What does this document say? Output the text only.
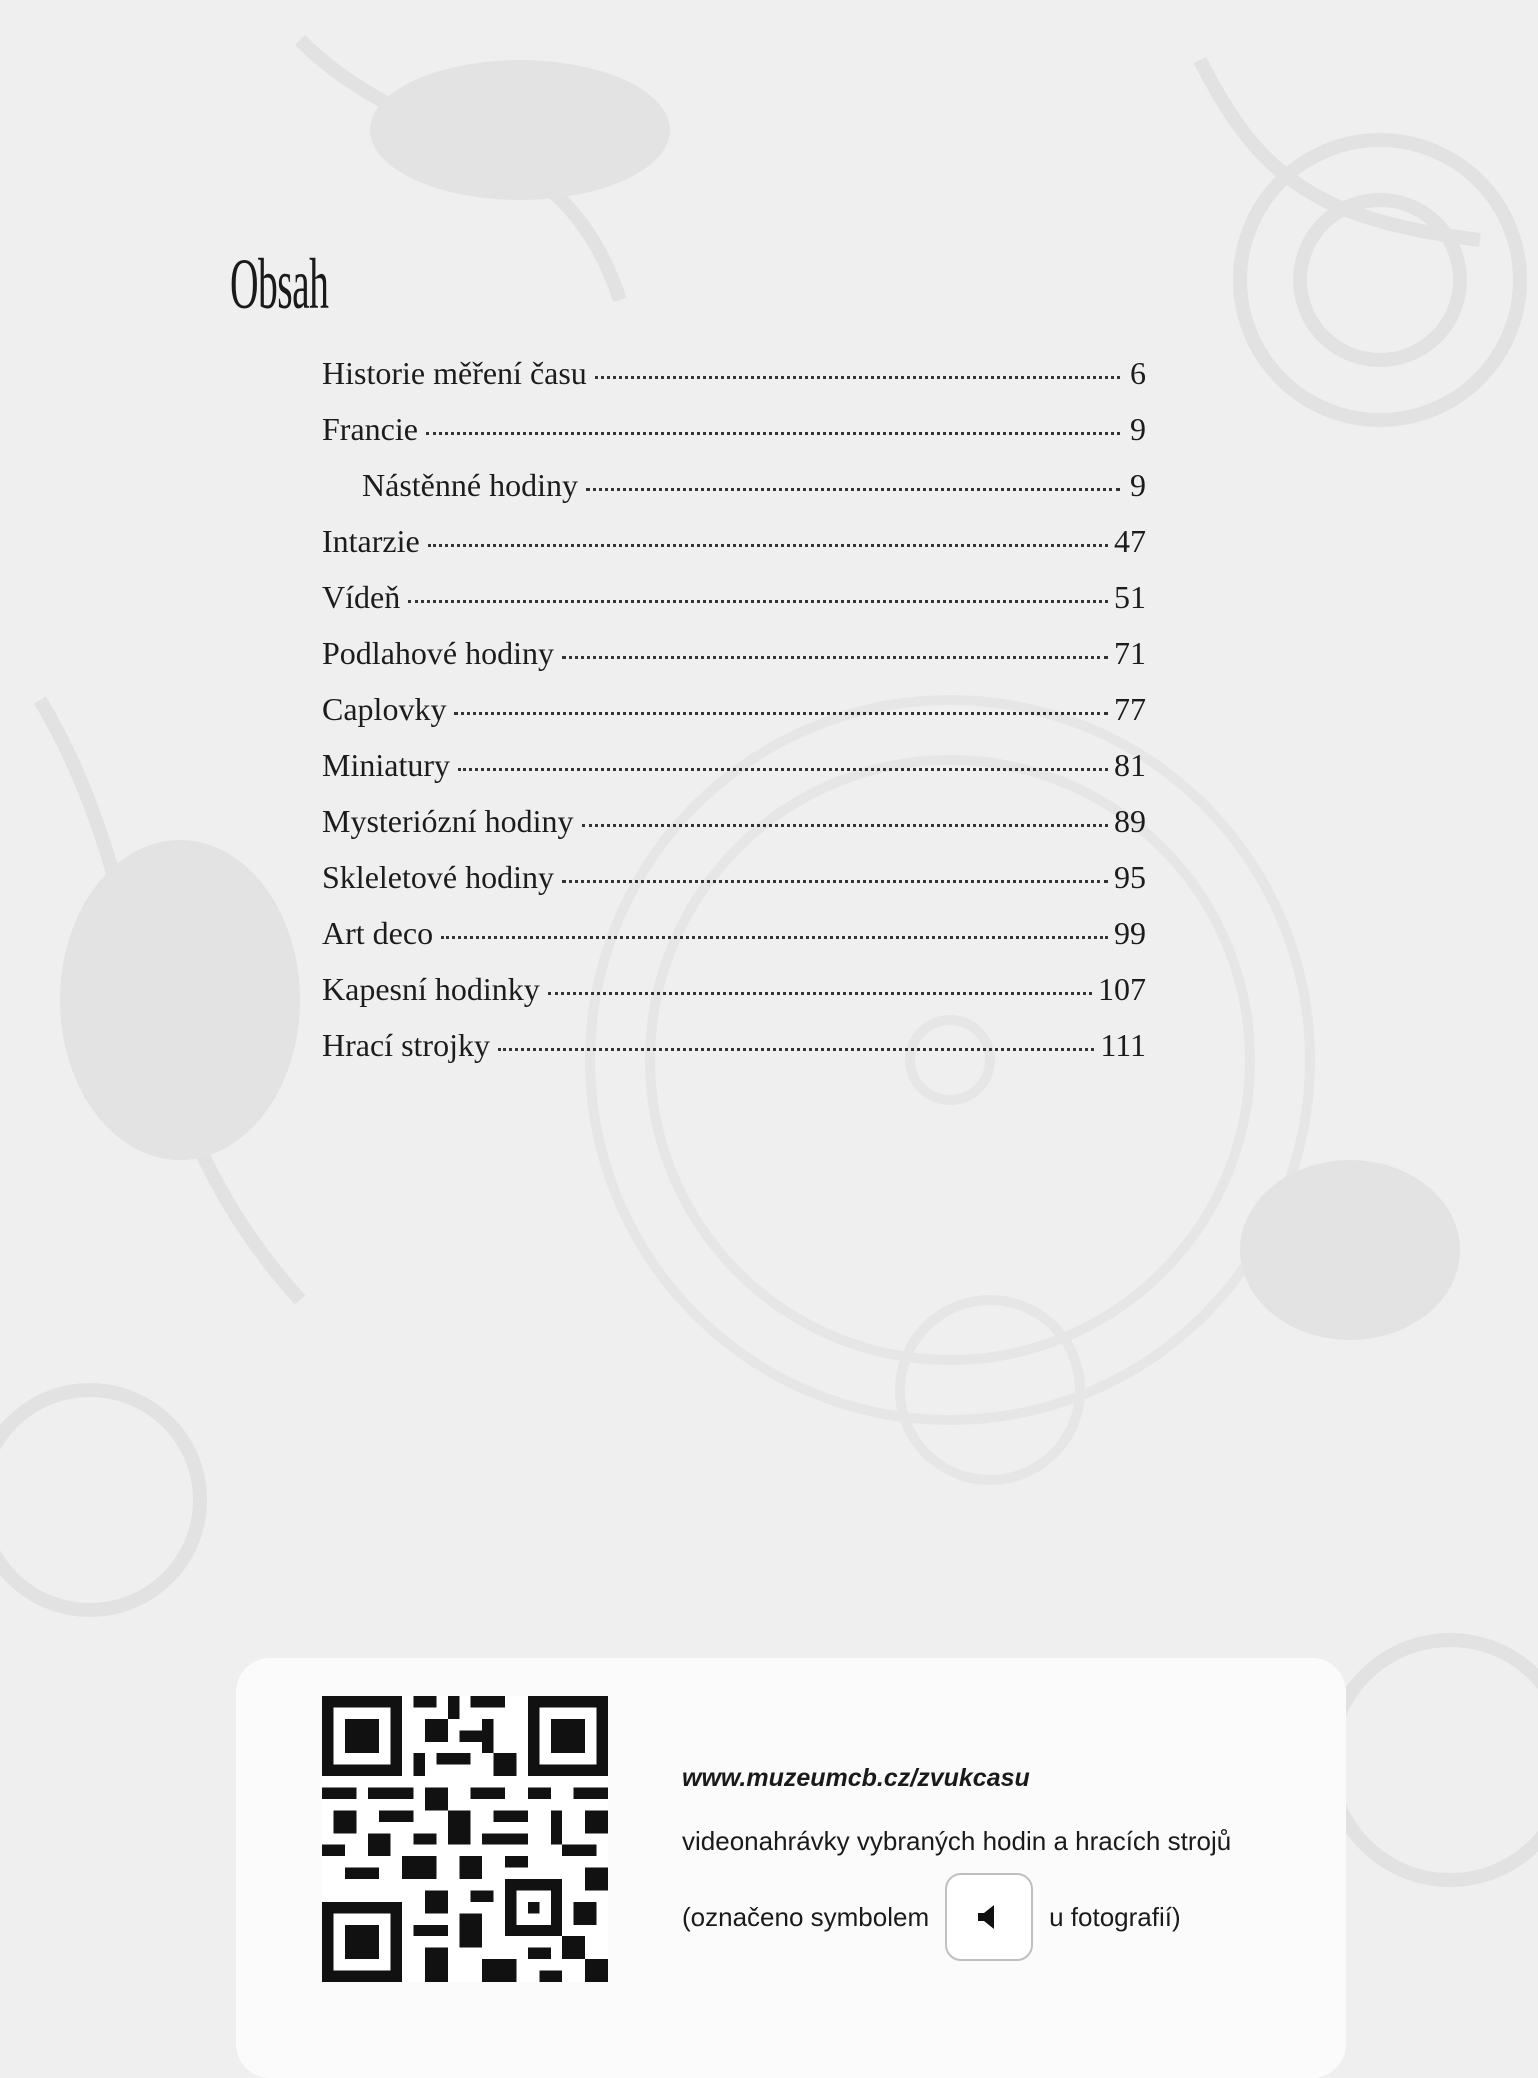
Obsah
Historie měření času	6
Francie	9
Nástěnné hodiny	9
Intarzie	47
Vídeň	51
Podlahové hodiny	71
Caplovky	77
Miniatury	81
Mysteriózní hodiny	89
Skleletové hodiny	95
Art deco	99
Kapesní hodinky	107
Hrací strojky	111
www.muzeumcb.cz/zvukcasu
videonahrávky vybraných hodin a hracích strojů
(označeno symbolem	u fotografií)
